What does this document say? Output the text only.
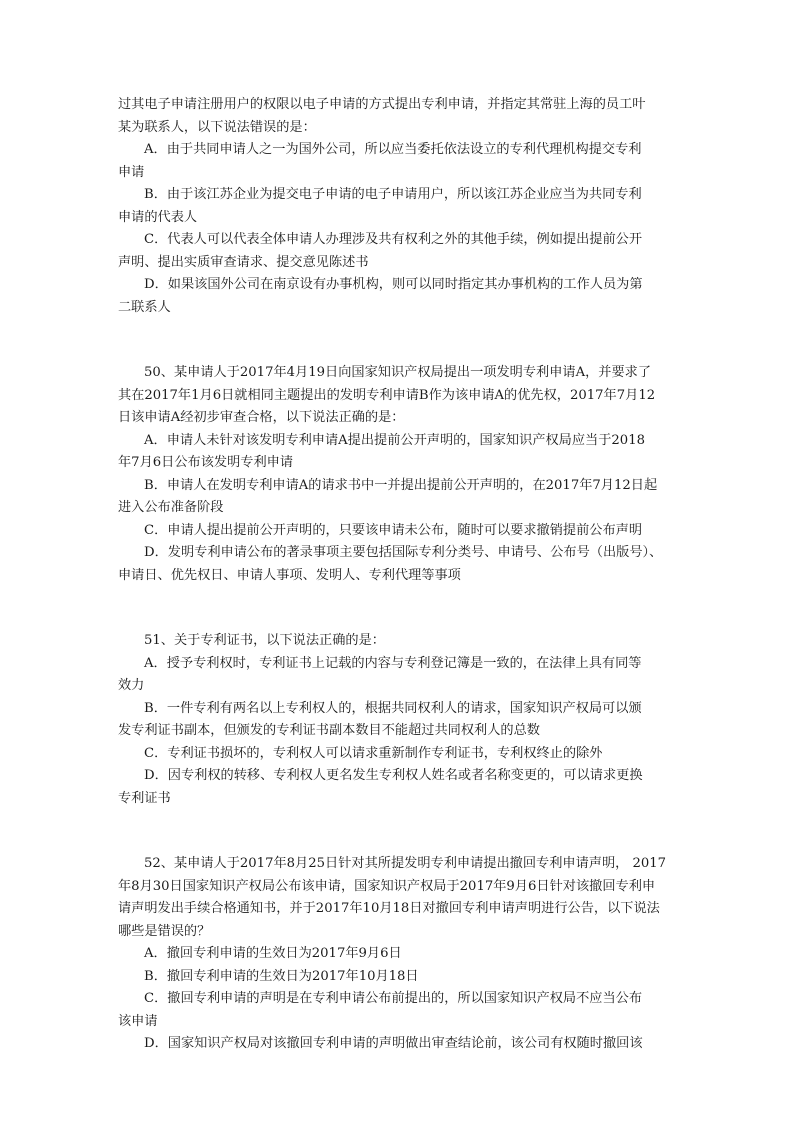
过其电子申请注册用户的权限以电子申请的方式提出专利申请，并指定其常驻上海的员工叶
某为联系人，以下说法错误的是：
A．由于共同申请人之一为国外公司，所以应当委托依法设立的专利代理机构提交专利
申请
B．由于该江苏企业为提交电子申请的电子申请用户，所以该江苏企业应当为共同专利
申请的代表人
C．代表人可以代表全体申请人办理涉及共有权利之外的其他手续，例如提出提前公开
声明、提出实质审查请求、提交意见陈述书
D．如果该国外公司在南京设有办事机构，则可以同时指定其办事机构的工作人员为第
二联系人
50、某申请人于2017年4月19日向国家知识产权局提出一项发明专利申请A，并要求了
其在2017年1月6日就相同主题提出的发明专利申请B作为该申请A的优先权，2017年7月12
日该申请A经初步审查合格，以下说法正确的是：
A．申请人未针对该发明专利申请A提出提前公开声明的，国家知识产权局应当于2018
年7月6日公布该发明专利申请
B．申请人在发明专利申请A的请求书中一并提出提前公开声明的，在2017年7月12日起
进入公布准备阶段
C．申请人提出提前公开声明的，只要该申请未公布，随时可以要求撤销提前公布声明
D．发明专利申请公布的著录事项主要包括国际专利分类号、申请号、公布号（出版号）、
申请日、优先权日、申请人事项、发明人、专利代理等事项
51、关于专利证书，以下说法正确的是：
A．授予专利权时，专利证书上记载的内容与专利登记簿是一致的，在法律上具有同等
效力
B．一件专利有两名以上专利权人的，根据共同权利人的请求，国家知识产权局可以颁
发专利证书副本，但颁发的专利证书副本数目不能超过共同权利人的总数
C．专利证书损坏的，专利权人可以请求重新制作专利证书，专利权终止的除外
D．因专利权的转移、专利权人更名发生专利权人姓名或者名称变更的，可以请求更换
专利证书
52、某申请人于2017年8月25日针对其所提发明专利申请提出撤回专利申请声明， 2017
年8月30日国家知识产权局公布该申请，国家知识产权局于2017年9月6日针对该撤回专利申
请声明发出手续合格通知书，并于2017年10月18日对撤回专利申请声明进行公告，以下说法
哪些是错误的？
A．撤回专利申请的生效日为2017年9月6日
B．撤回专利申请的生效日为2017年10月18日
C．撤回专利申请的声明是在专利申请公布前提出的，所以国家知识产权局不应当公布
该申请
D．国家知识产权局对该撤回专利申请的声明做出审查结论前，该公司有权随时撤回该
